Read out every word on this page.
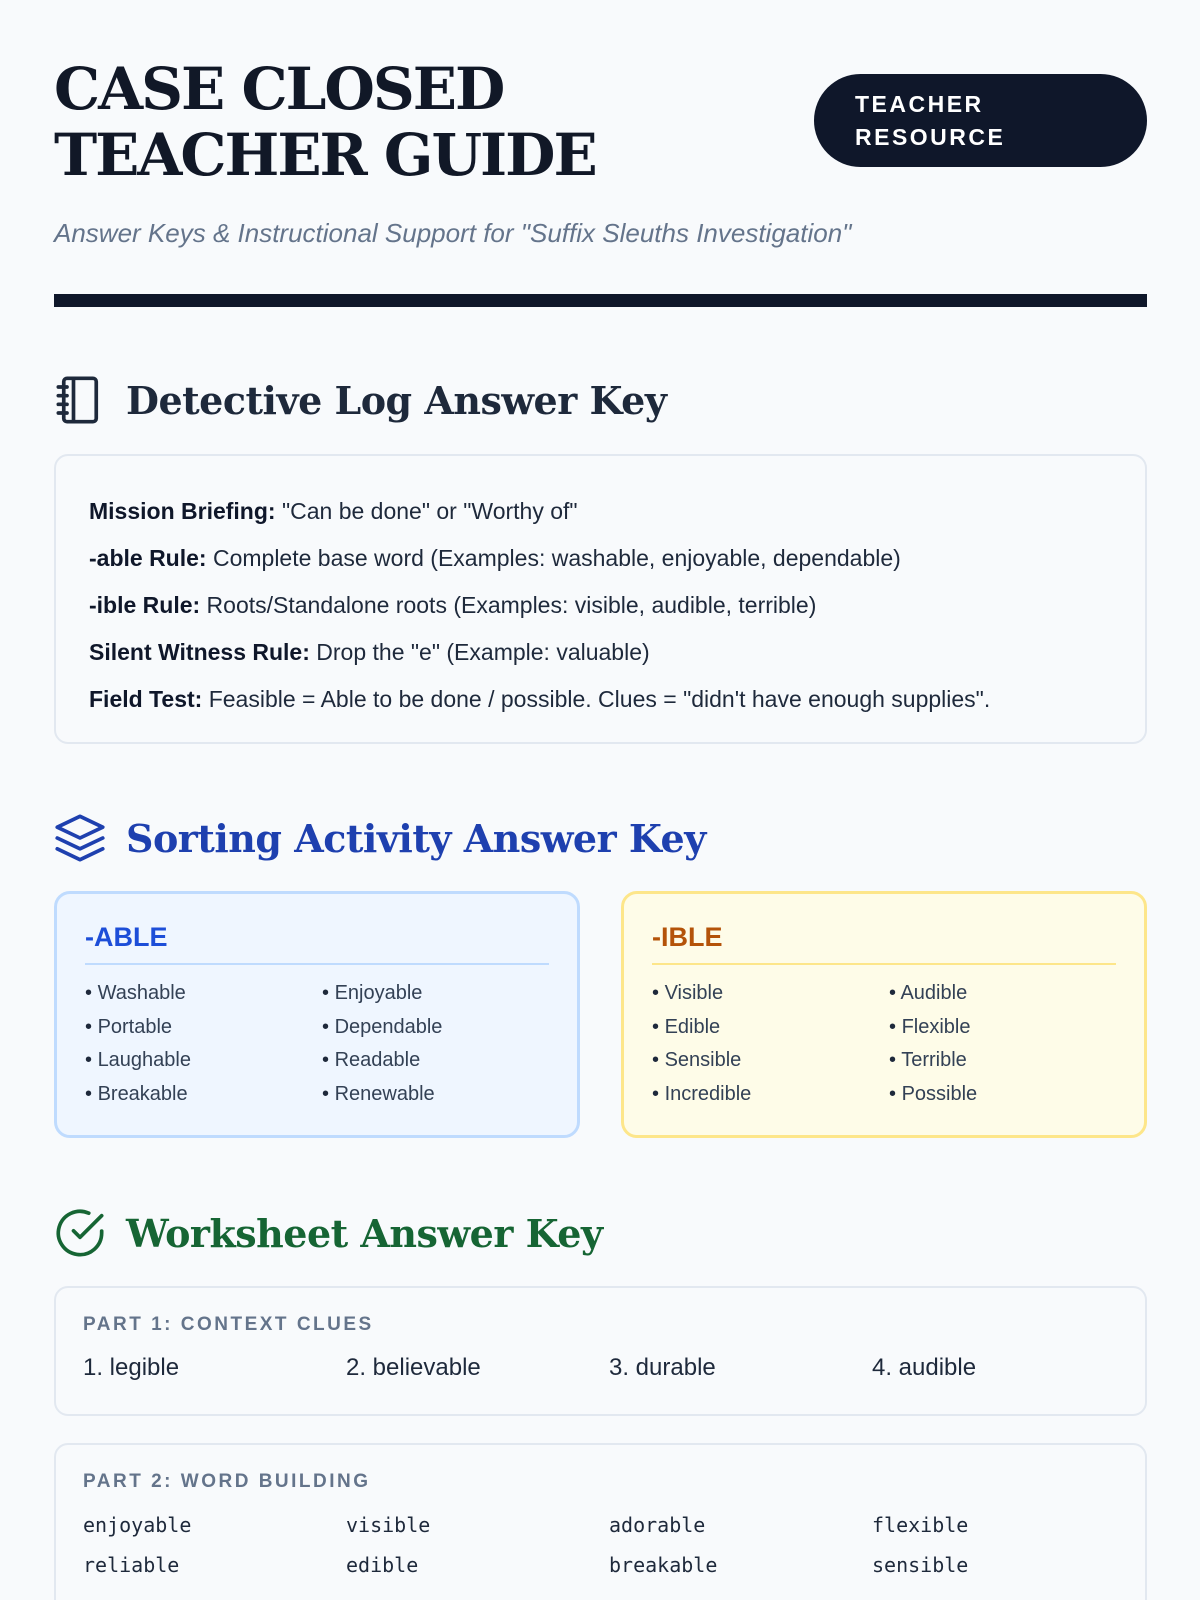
CASE CLOSED TEACHER GUIDE
TEACHER RESOURCE

Answer Keys & Instructional Support for "Suffix Sleuths Investigation"

Detective Log Answer Key

Mission Briefing: "Can be done" or "Worthy of"

-able Rule: Complete base word (Examples: washable, enjoyable, dependable)

-ible Rule: Roots/Standalone roots (Examples: visible, audible, terrible)

Silent Witness Rule: Drop the "e" (Example: valuable)

Field Test: Feasible = Able to be done / possible. Clues = "didn't have enough supplies".

Sorting Activity Answer Key
-ABLE
• Washable	• Enjoyable
• Portable	• Dependable
• Laughable	• Readable
• Breakable	• Renewable
-IBLE
• Visible	• Audible
• Edible	• Flexible
• Sensible	• Terrible
• Incredible	• Possible
Worksheet Answer Key
PART 1: CONTEXT CLUES
1. legible	2. believable	3. durable	4. audible
PART 2: WORD BUILDING
enjoyable	visible	adorable	flexible
reliable	edible	breakable	sensible
